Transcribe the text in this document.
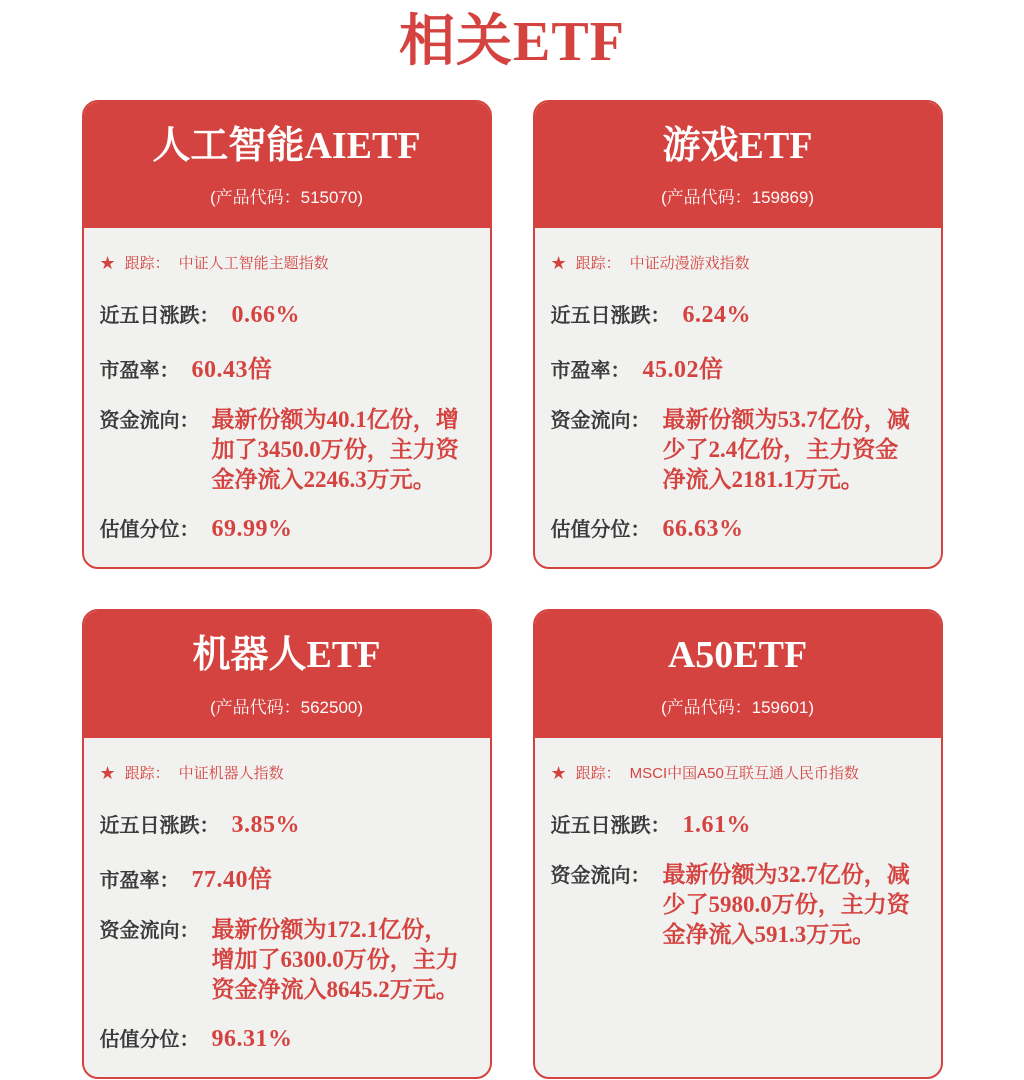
相关ETF
人工智能AIETF
(产品代码：515070)
★ 跟踪： 中证人工智能主题指数
近五日涨跌： 0.66%
市盈率： 60.43倍
资金流向： 最新份额为40.1亿份，增加了3450.0万份，主力资金净流入2246.3万元。
估值分位： 69.99%
游戏ETF
(产品代码：159869)
★ 跟踪： 中证动漫游戏指数
近五日涨跌： 6.24%
市盈率： 45.02倍
资金流向： 最新份额为53.7亿份，减少了2.4亿份，主力资金净流入2181.1万元。
估值分位： 66.63%
机器人ETF
(产品代码：562500)
★ 跟踪： 中证机器人指数
近五日涨跌： 3.85%
市盈率： 77.40倍
资金流向： 最新份额为172.1亿份，增加了6300.0万份，主力资金净流入8645.2万元。
估值分位： 96.31%
A50ETF
(产品代码：159601)
★ 跟踪： MSCI中国A50互联互通人民币指数
近五日涨跌： 1.61%
资金流向： 最新份额为32.7亿份，减少了5980.0万份，主力资金净流入591.3万元。
